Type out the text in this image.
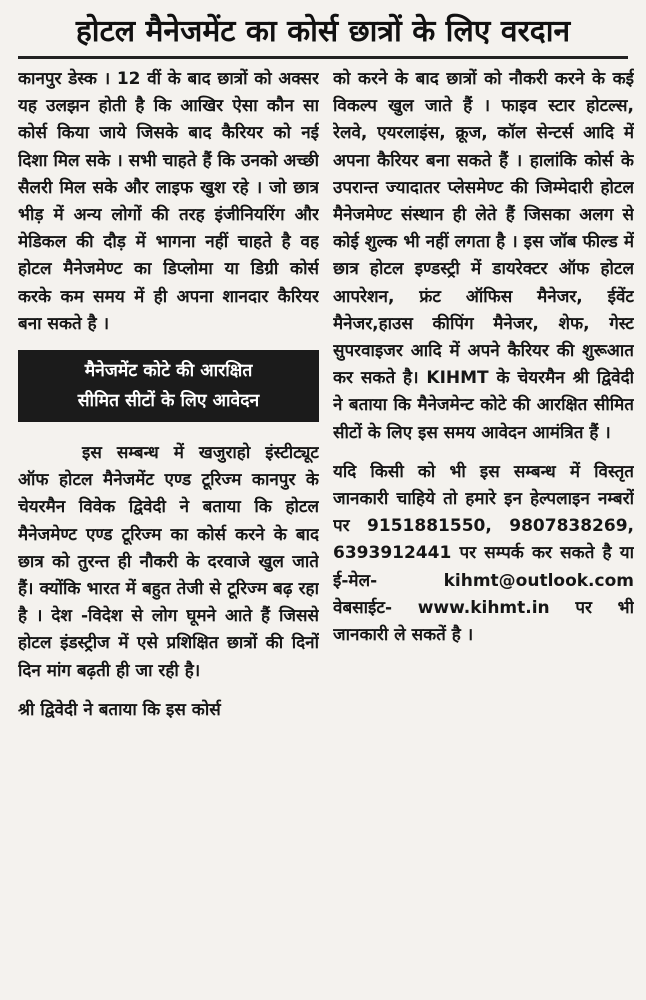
होटल मैनेजमेंट का कोर्स छात्रों के लिए वरदान

कानपुर डेस्क । 12 वीं के बाद छात्रों को अक्सर यह उलझन होती है कि आखिर ऐसा कौन सा कोर्स किया जाये जिसके बाद कैरियर को नई दिशा मिल सके । सभी चाहते हैं कि उनको अच्छी सैलरी मिल सके और लाइफ खुश रहे । जो छात्र भीड़ में अन्य लोगों की तरह इंजीनियरिंग और मेडिकल की दौड़ में भागना नहीं चाहते है वह होटल मैनेजमेण्ट का डिप्लोमा या डिग्री कोर्स करके कम समय में ही अपना शानदार कैरियर बना सकते है ।

मैनेजमेंट कोटे की आरक्षित
सीमित सीटों के लिए आवेदन

इस सम्बन्ध में खजुराहो इंस्टीट्यूट ऑफ होटल मैनेजमेंट एण्ड टूरिज्म कानपुर के चेयरमैन विवेक द्विवेदी ने बताया कि होटल मैनेजमेण्ट एण्ड टूरिज्म का कोर्स करने के बाद छात्र को तुरन्त ही नौकरी के दरवाजे खुल जाते हैं। क्योंकि भारत में बहुत तेजी से टूरिज्म बढ़ रहा है । देश -विदेश से लोग घूमने आते हैं जिससे होटल इंडस्ट्रीज में एसे प्रशिक्षित छात्रों की दिनों दिन मांग बढ़ती ही जा रही है।

श्री द्विवेदी ने बताया कि इस कोर्स

को करने के बाद छात्रों को नौकरी करने के कई विकल्प खुल जाते हैं । फाइव स्टार होटल्स, रेलवे, एयरलाइंस, क्रूज, कॉल सेन्टर्स आदि में अपना कैरियर बना सकते हैं । हालांकि कोर्स के उपरान्त ज्यादातर प्लेसमेण्ट की जिम्मेदारी होटल मैनेजमेण्ट संस्थान ही लेते हैं जिसका अलग से कोई शुल्क भी नहीं लगता है । इस जॉब फील्ड में छात्र होटल इण्डस्ट्री में डायरेक्टर ऑफ होटल आपरेशन, फ्रंट ऑफिस मैनेजर, ईवेंट मैनेजर,हाउस कीपिंग मैनेजर, शेफ, गेस्ट सुपरवाइजर आदि में अपने कैरियर की शुरूआत कर सकते है। KIHMT के चेयरमैन श्री द्विवेदी ने बताया कि मैनेजमेन्ट कोटे की आरक्षित सीमित सीटों के लिए इस समय आवेदन आमंत्रित हैं ।

यदि किसी को भी इस सम्बन्ध में विस्तृत जानकारी चाहिये तो हमारे इन हेल्पलाइन नम्बरों पर 9151881550, 9807838269, 6393912441 पर सम्पर्क कर सकते है या ई-मेल- kihmt@outlook.com वेबसाईट- www.kihmt.in पर भी जानकारी ले सकतें है ।
